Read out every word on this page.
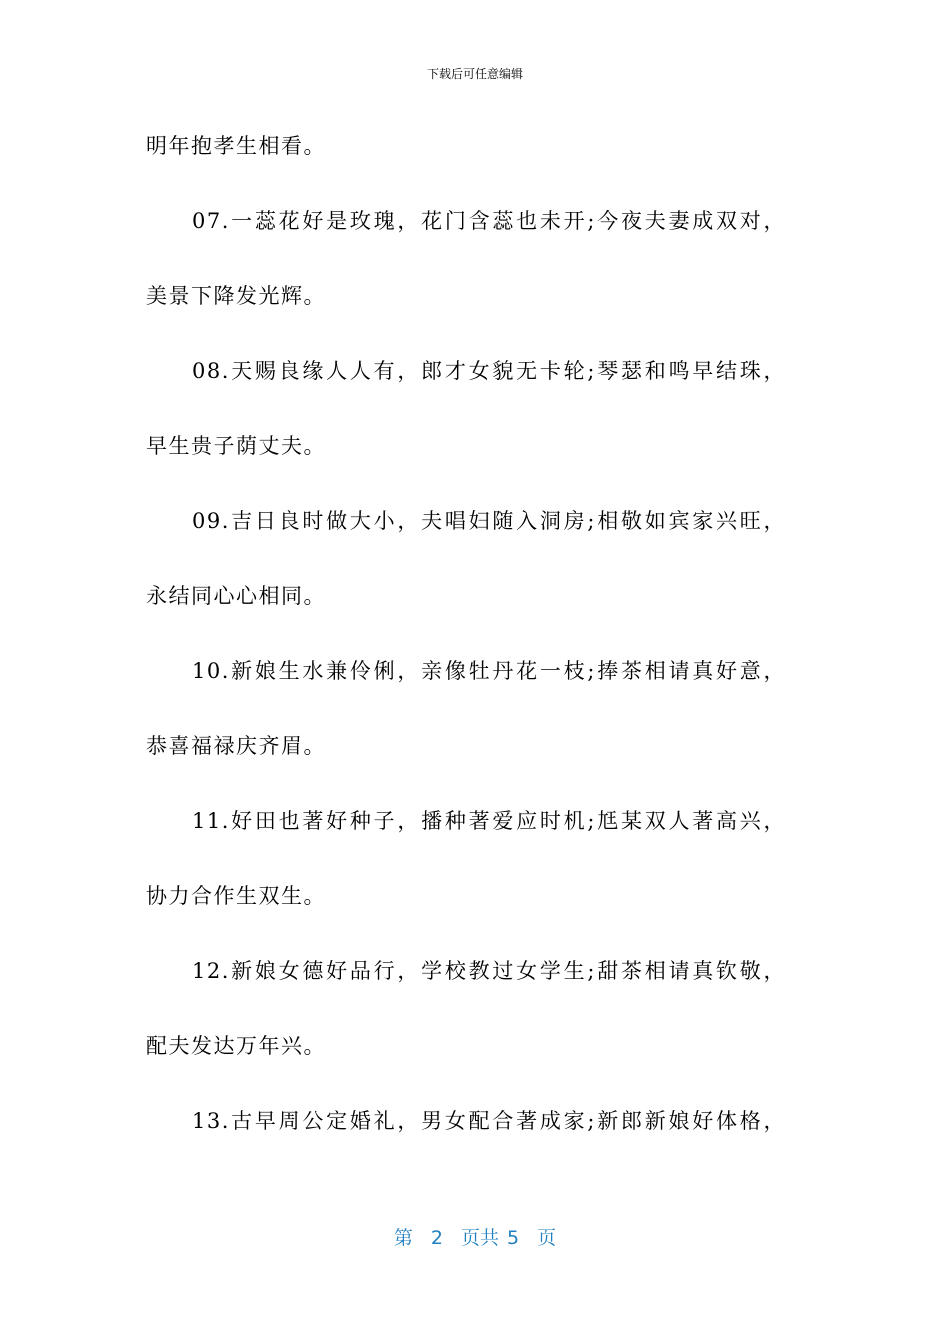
下载后可任意编辑
明年抱孝生相看。
07.一蕊花好是玫瑰，花门含蕊也未开;今夜夫妻成双对，
美景下降发光辉。
08.天赐良缘人人有，郎才女貌无卡轮;琴瑟和鸣早结珠，
早生贵子荫丈夫。
09.吉日良时做大小，夫唱妇随入洞房;相敬如宾家兴旺，
永结同心心相同。
10.新娘生水兼伶俐，亲像牡丹花一枝;捧茶相请真好意，
恭喜福禄庆齐眉。
11.好田也著好种子，播种著爱应时机;尪某双人著高兴，
协力合作生双生。
12.新娘女德好品行，学校教过女学生;甜茶相请真钦敬，
配夫发达万年兴。
13.古早周公定婚礼，男女配合著成家;新郎新娘好体格，
第 2 页共 5 页
